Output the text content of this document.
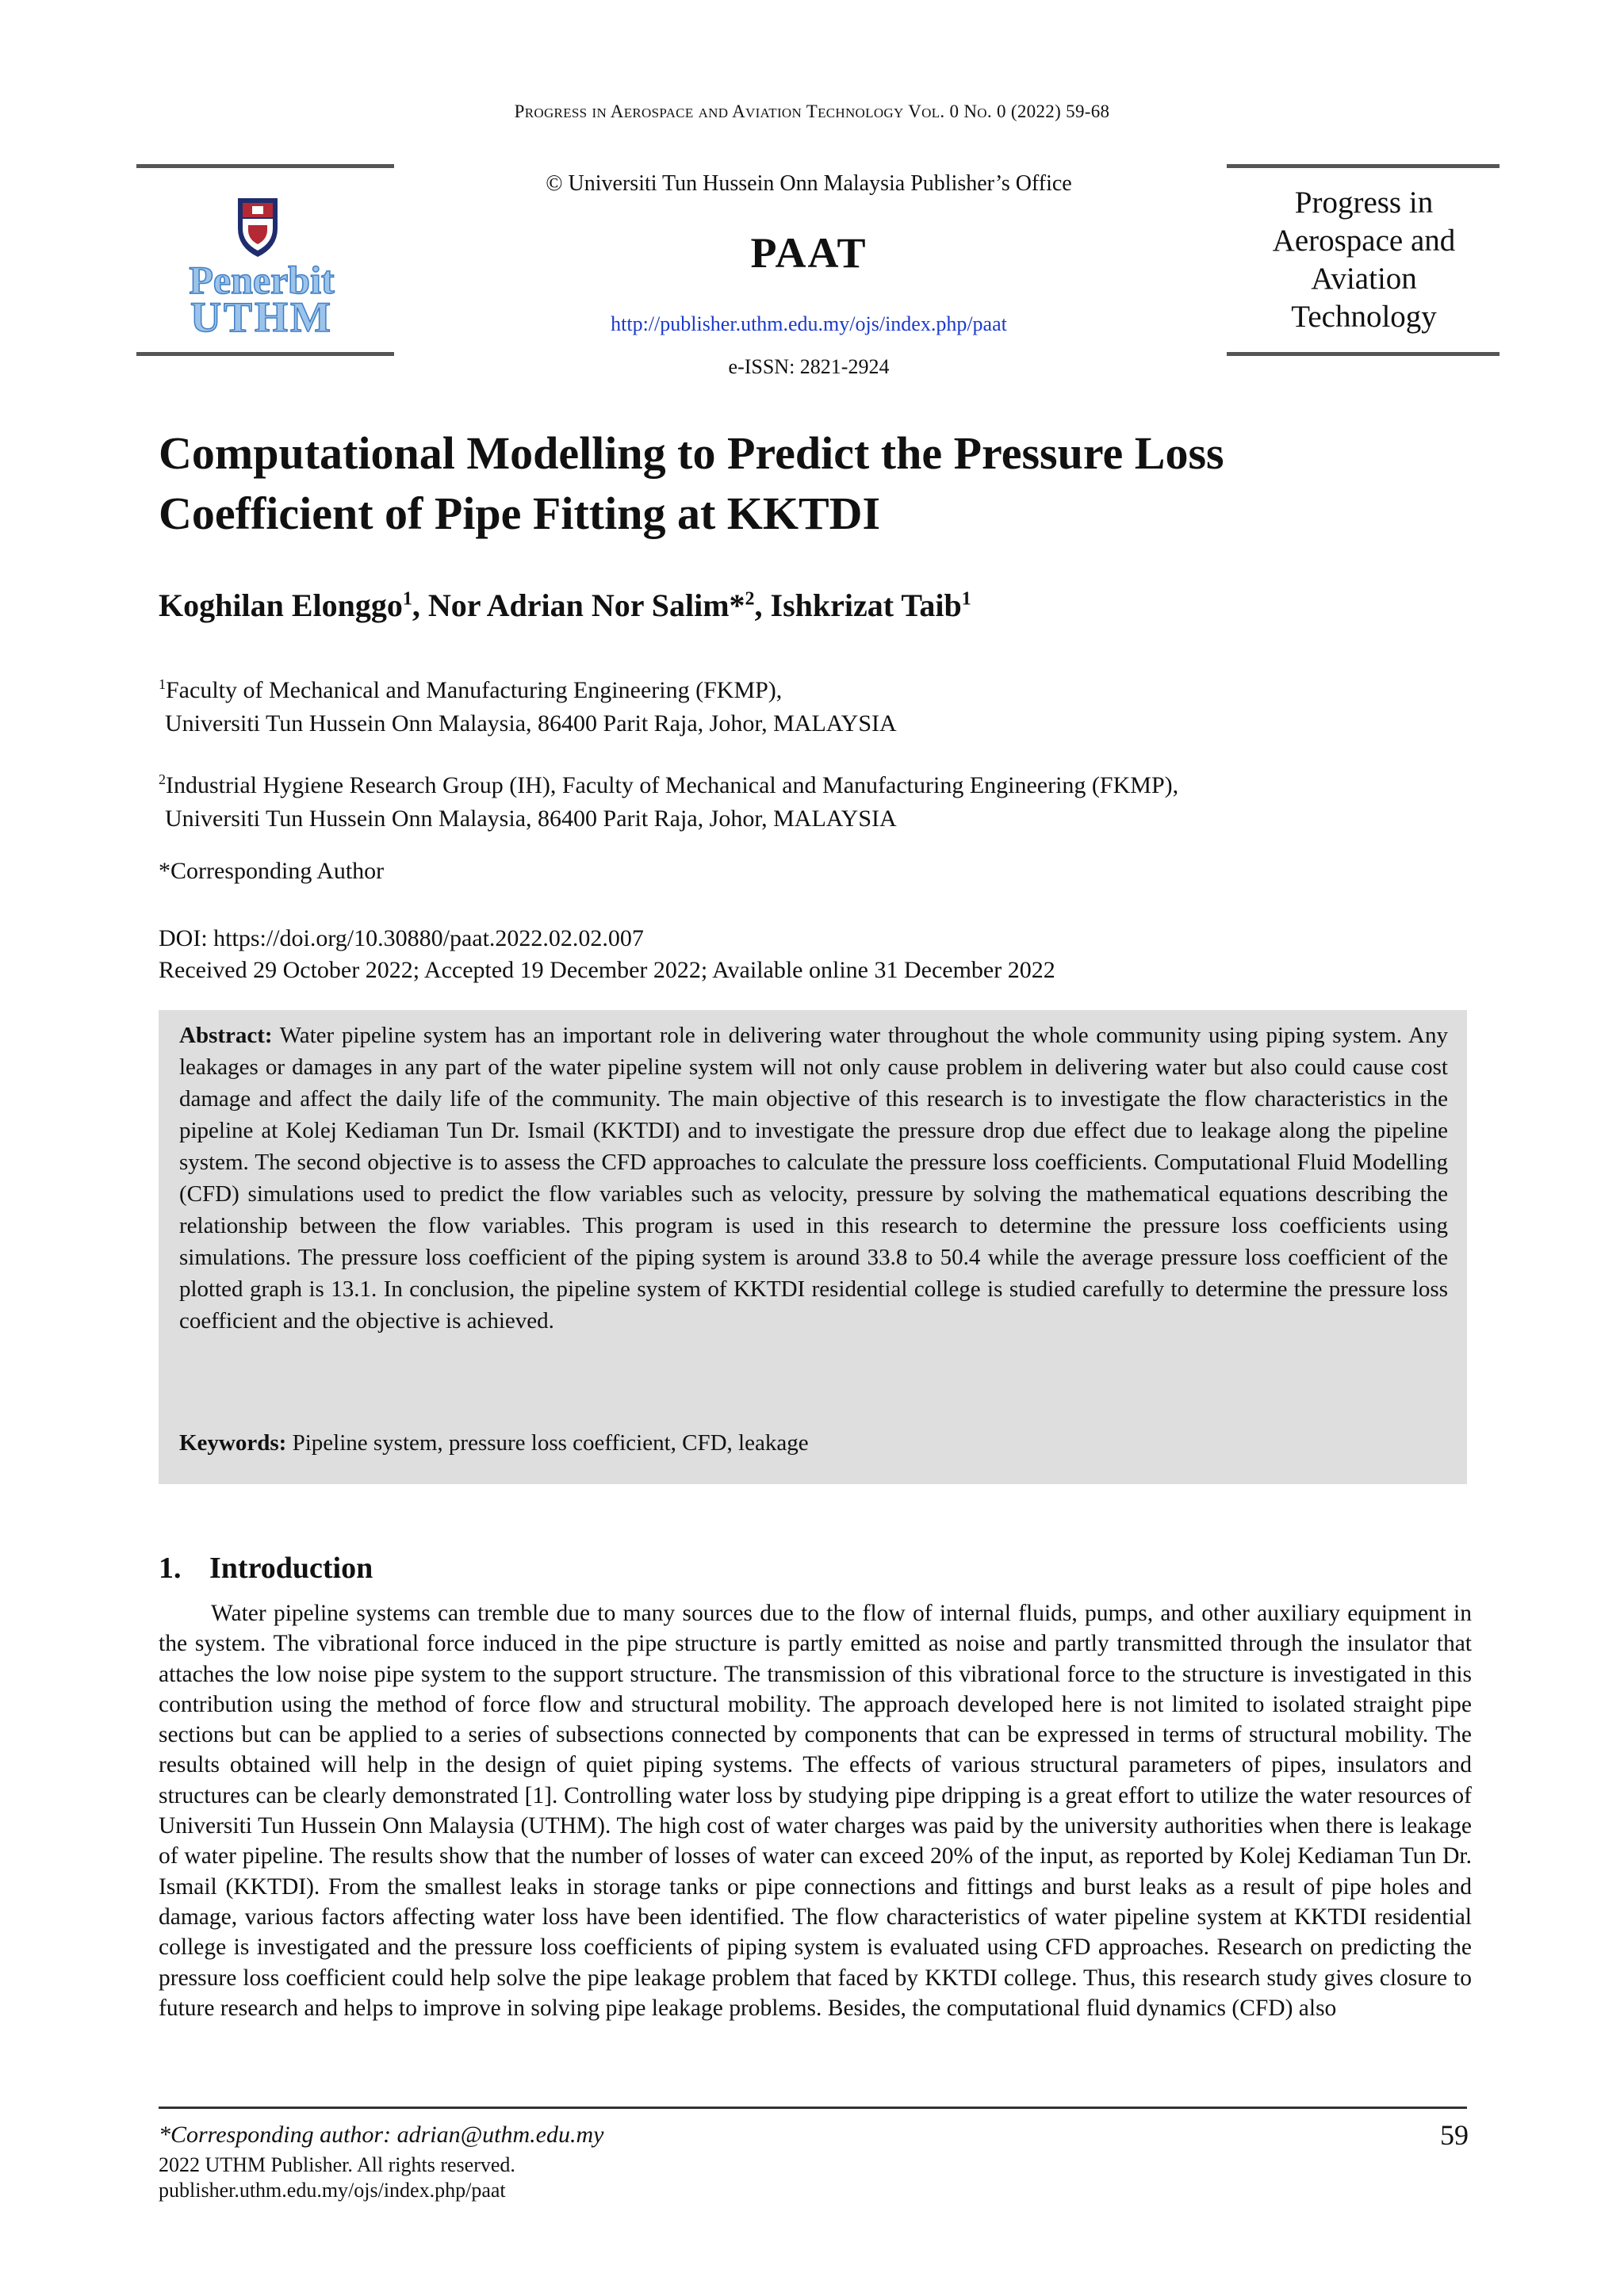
PROGRESS IN AEROSPACE AND AVIATION TECHNOLOGY VOL. 0 NO. 0 (2022) 59-68
Penerbit
UTHM
© Universiti Tun Hussein Onn Malaysia Publisher’s Office
PAAT
http://publisher.uthm.edu.my/ojs/index.php/paat
e-ISSN: 2821-2924
Progress in
Aerospace and
Aviation
Technology
Computational Modelling to Predict the Pressure Loss
Coefficient of Pipe Fitting at KKTDI
Koghilan Elonggo$^1$, Nor Adrian Nor Salim*$^2$, Ishkrizat Taib$^1$
$^1$Faculty of Mechanical and Manufacturing Engineering (FKMP),
Universiti Tun Hussein Onn Malaysia, 86400 Parit Raja, Johor, MALAYSIA
$^2$Industrial Hygiene Research Group (IH), Faculty of Mechanical and Manufacturing Engineering (FKMP),
Universiti Tun Hussein Onn Malaysia, 86400 Parit Raja, Johor, MALAYSIA
*Corresponding Author
DOI: https://doi.org/10.30880/paat.2022.02.02.007
Received 29 October 2022; Accepted 19 December 2022; Available online 31 December 2022
Abstract: Water pipeline system has an important role in delivering water throughout the whole community using piping system. Any leakages or damages in any part of the water pipeline system will not only cause problem in delivering water but also could cause cost damage and affect the daily life of the community. The main objective of this research is to investigate the flow characteristics in the pipeline at Kolej Kediaman Tun Dr. Ismail (KKTDI) and to investigate the pressure drop due effect due to leakage along the pipeline system. The second objective is to assess the CFD approaches to calculate the pressure loss coefficients. Computational Fluid Modelling (CFD) simulations used to predict the flow variables such as velocity, pressure by solving the mathematical equations describing the relationship between the flow variables. This program is used in this research to determine the pressure loss coefficients using simulations. The pressure loss coefficient of the piping system is around 33.8 to 50.4 while the average pressure loss coefficient of the plotted graph is 13.1. In conclusion, the pipeline system of KKTDI residential college is studied carefully to determine the pressure loss coefficient and the objective is achieved.
Keywords: Pipeline system, pressure loss coefficient, CFD, leakage
1. Introduction
Water pipeline systems can tremble due to many sources due to the flow of internal fluids, pumps, and other auxiliary equipment in the system. The vibrational force induced in the pipe structure is partly emitted as noise and partly transmitted through the insulator that attaches the low noise pipe system to the support structure. The transmission of this vibrational force to the structure is investigated in this contribution using the method of force flow and structural mobility. The approach developed here is not limited to isolated straight pipe sections but can be applied to a series of subsections connected by components that can be expressed in terms of structural mobility. The results obtained will help in the design of quiet piping systems. The effects of various structural parameters of pipes, insulators and structures can be clearly demonstrated [1]. Controlling water loss by studying pipe dripping is a great effort to utilize the water resources of Universiti Tun Hussein Onn Malaysia (UTHM). The high cost of water charges was paid by the university authorities when there is leakage of water pipeline. The results show that the number of losses of water can exceed 20% of the input, as reported by Kolej Kediaman Tun Dr. Ismail (KKTDI). From the smallest leaks in storage tanks or pipe connections and fittings and burst leaks as a result of pipe holes and damage, various factors affecting water loss have been identified. The flow characteristics of water pipeline system at KKTDI residential college is investigated and the pressure loss coefficients of piping system is evaluated using CFD approaches. Research on predicting the pressure loss coefficient could help solve the pipe leakage problem that faced by KKTDI college. Thus, this research study gives closure to future research and helps to improve in solving pipe leakage problems. Besides, the computational fluid dynamics (CFD) also
*Corresponding author: adrian@uthm.edu.my	59
2022 UTHM Publisher. All rights reserved.
publisher.uthm.edu.my/ojs/index.php/paat
